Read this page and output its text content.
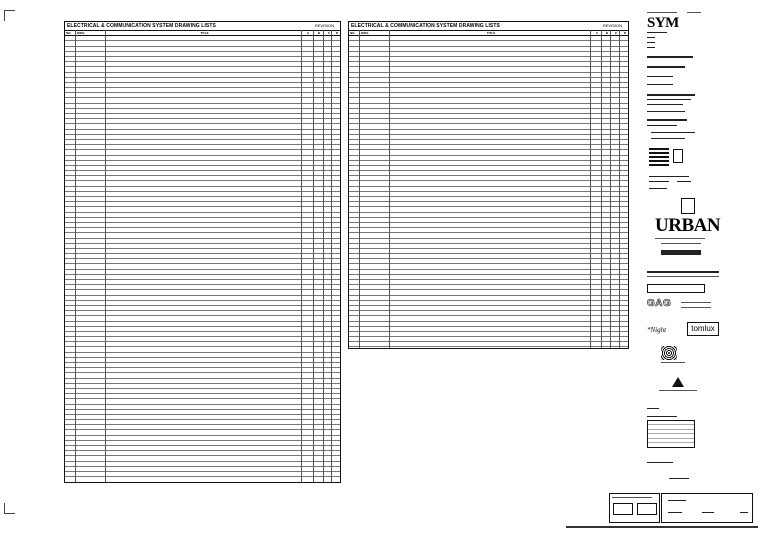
ELECTRICAL & COMMUNICATION SYSTEM DRAWING LISTS	REVISION
NO.	DWG.	TITLE	A	B	C	D
ELECTRICAL & COMMUNICATION SYSTEM DRAWING LISTS	REVISION
NO.	DWG.	TITLE	A	B	C	D
SYM
URBAN
GAG
*Night	tomlux
